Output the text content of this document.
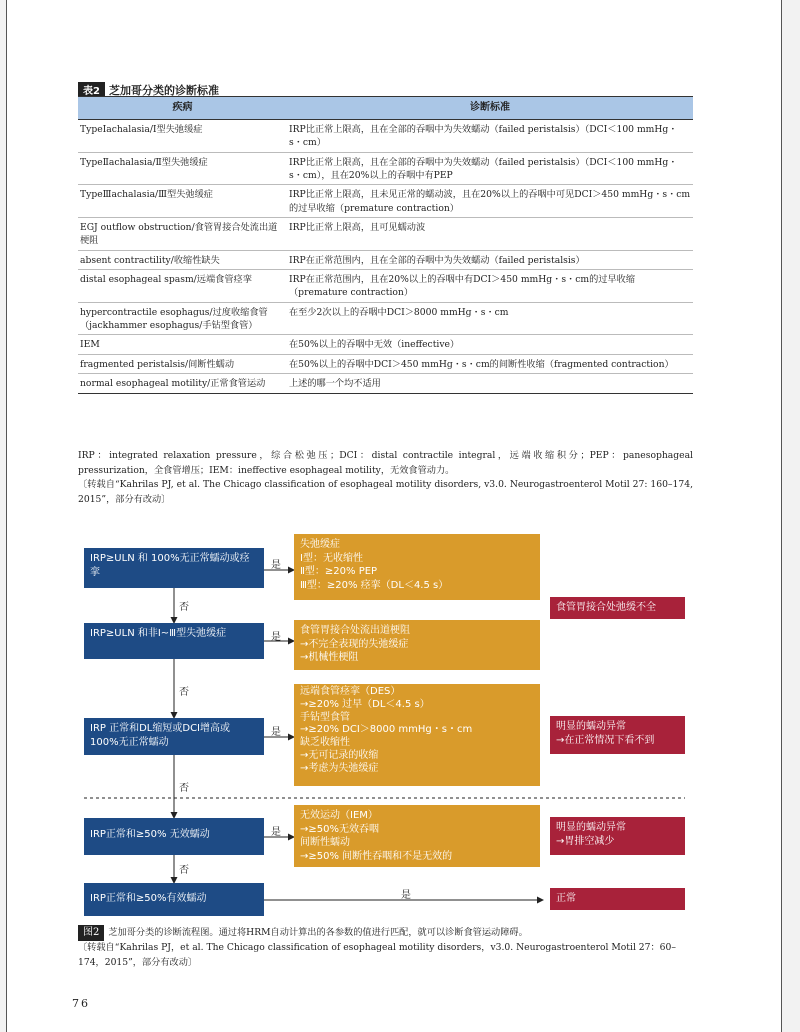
表2 芝加哥分类的诊断标准
疾病	诊断标准
TypeⅠachalasia/Ⅰ型失弛缓症	IRP比正常上限高，且在全部的吞咽中为失效蠕动（failed peristalsis）（DCI＜100 mmHg・s・cm）
TypeⅡachalasia/Ⅱ型失弛缓症	IRP比正常上限高，且在全部的吞咽中为失效蠕动（failed peristalsis）（DCI＜100 mmHg・s・cm），且在20%以上的吞咽中有PEP
TypeⅢachalasia/Ⅲ型失弛缓症	IRP比正常上限高，且未见正常的蠕动波，且在20%以上的吞咽中可见DCI＞450 mmHg・s・cm的过早收缩（premature contraction）
EGJ outflow obstruction/食管胃接合处流出道梗阻	IRP比正常上限高，且可见蠕动波
absent contractility/收缩性缺失	IRP在正常范围内，且在全部的吞咽中为失效蠕动（failed peristalsis）
distal esophageal spasm/远端食管痉挛	IRP在正常范围内，且在20%以上的吞咽中有DCI＞450 mmHg・s・cm的过早收缩（premature contraction）
hypercontractile esophagus/过度收缩食管（jackhammer esophagus/手钻型食管）	在至少2次以上的吞咽中DCI＞8000 mmHg・s・cm
IEM	在50%以上的吞咽中无效（ineffective）
fragmented peristalsis/间断性蠕动	在50%以上的吞咽中DCI＞450 mmHg・s・cm的间断性收缩（fragmented contraction）
normal esophageal motility/正常食管运动	上述的哪一个均不适用
IRP：integrated relaxation pressure，综合松弛压；DCI：distal contractile integral，远端收缩积分；PEP：panesophageal pressurization，全食管增压；IEM：ineffective esophageal motility，无效食管动力。
〔转载自“Kahrilas PJ, et al. The Chicago classification of esophageal motility disorders, v3.0. Neurogastroenterol Motil 27: 160–174, 2015”，部分有改动〕
IRP≥ULN 和 100%无正常蠕动或痉挛
IRP≥ULN 和非Ⅰ~Ⅲ型失弛缓症
IRP 正常和DL缩短或DCI增高或100%无正常蠕动
IRP正常和≥50% 无效蠕动
IRP正常和≥50%有效蠕动
是
是
是
是
是
否
否
否
否
失弛缓症
Ⅰ型：无收缩性
Ⅱ型：≥20% PEP
Ⅲ型：≥20% 痉挛（DL＜4.5 s）
食管胃接合处流出道梗阻
→不完全表现的失弛缓症
→机械性梗阻
远端食管痉挛（DES）
→≥20% 过早（DL＜4.5 s）
手钻型食管
→≥20% DCI＞8000 mmHg・s・cm
缺乏收缩性
→无可记录的收缩
→考虑为失弛缓症
无效运动（IEM）
→≥50%无效吞咽
间断性蠕动
→≥50% 间断性吞咽和不是无效的
食管胃接合处弛缓不全
明显的蠕动异常
→在正常情况下看不到
明显的蠕动异常
→胃排空减少
正常
图2 芝加哥分类的诊断流程图。通过将HRM自动计算出的各参数的值进行匹配，就可以诊断食管运动障碍。
〔转载自“Kahrilas PJ，et al. The Chicago classification of esophageal motility disorders，v3.0. Neurogastroenterol Motil 27：60–174，2015”，部分有改动〕
76
